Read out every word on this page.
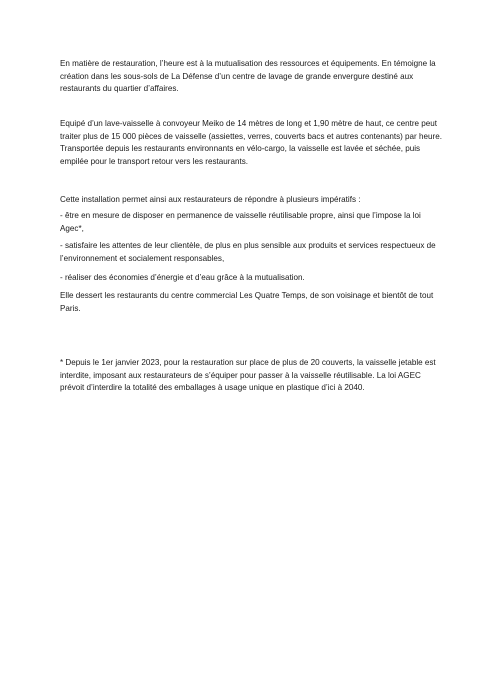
En matière de restauration, l’heure est à la mutualisation des ressources et équipements. En témoigne la création dans les sous-sols de La Défense d’un centre de lavage de grande envergure destiné aux restaurants du quartier d’affaires.

Equipé d’un lave-vaisselle à convoyeur Meiko de 14 mètres de long et 1,90 mètre de haut, ce centre peut traiter plus de 15 000 pièces de vaisselle (assiettes, verres, couverts bacs et autres contenants) par heure. Transportée depuis les restaurants environnants en vélo-cargo, la vaisselle est lavée et séchée, puis empilée pour le transport retour vers les restaurants.

Cette installation permet ainsi aux restaurateurs de répondre à plusieurs impératifs :

- être en mesure de disposer en permanence de vaisselle réutilisable propre, ainsi que l’impose la loi Agec*,

- satisfaire les attentes de leur clientèle, de plus en plus sensible aux produits et services respectueux de l’environnement et socialement responsables,

- réaliser des économies d’énergie et d’eau grâce à la mutualisation.

Elle dessert les restaurants du centre commercial Les Quatre Temps, de son voisinage et bientôt de tout Paris.

* Depuis le 1er janvier 2023, pour la restauration sur place de plus de 20 couverts, la vaisselle jetable est interdite, imposant aux restaurateurs de s’équiper pour passer à la vaisselle réutilisable. La loi AGEC prévoit d’interdire la totalité des emballages à usage unique en plastique d’ici à 2040.
